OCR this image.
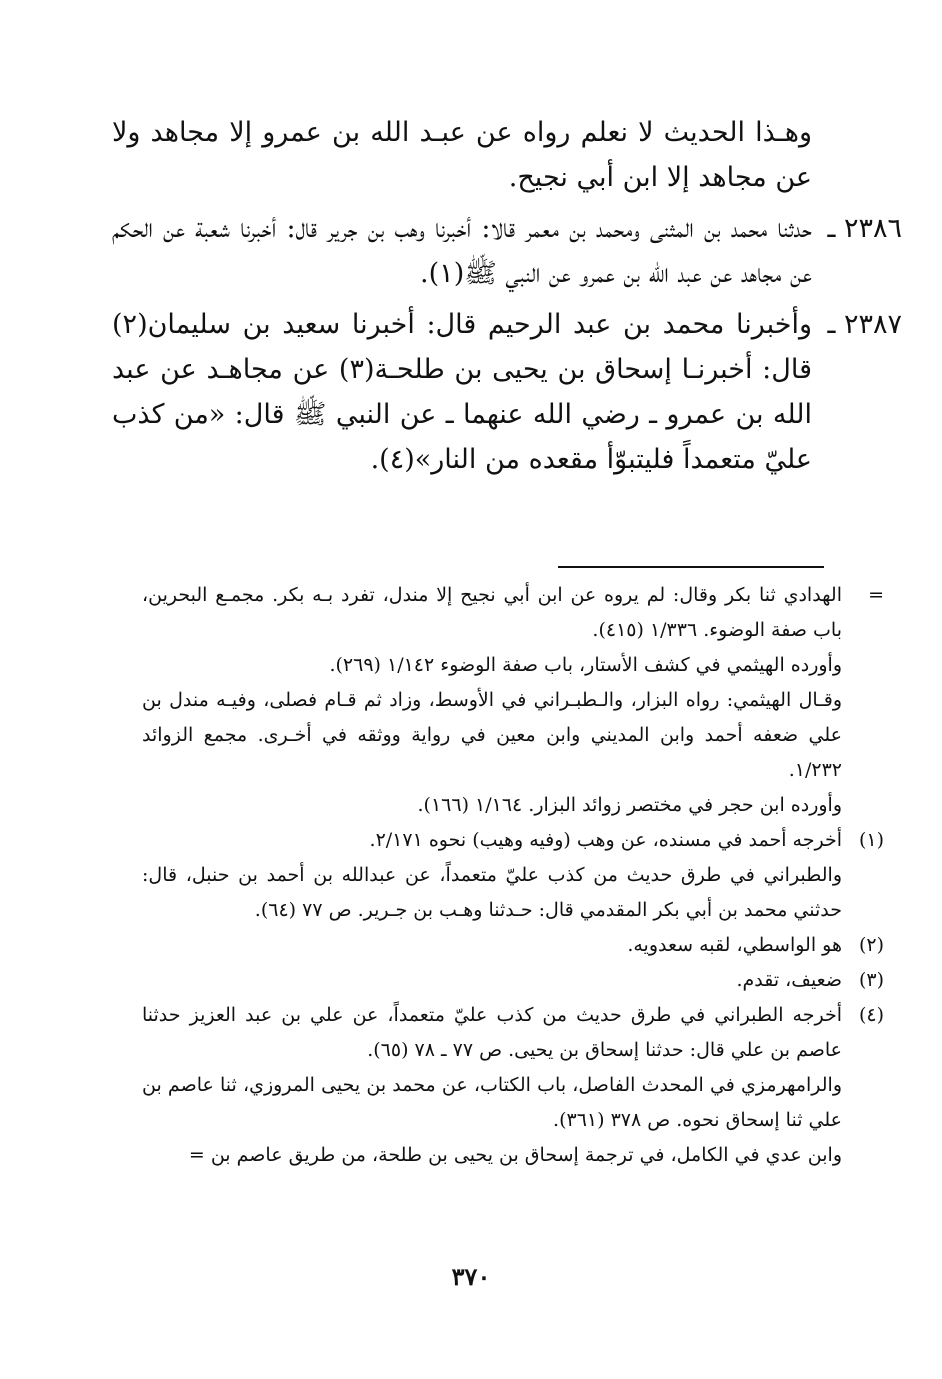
وهـذا الحديث لا نعلم رواه عن عبـد الله بن عمرو إلا مجاهد ولا عن مجاهد إلا ابن أبي نجيح.

٢٣٨٦ ـ
حدثنا محمد بن المثنى ومحمد بن معمر قالا: أخبرنا وهب بن جرير قال: أخبرنا شعبة عن الحكم عن مجاهد عن عبد الله بن عمرو عن النبي ﷺ(١).

٢٣٨٧ ـ
وأخبرنا محمد بن عبد الرحيم قال: أخبرنا سعيد بن سليمان(٢) قال: أخبرنـا إسحاق بن يحيى بن طلحـة(٣) عن مجاهـد عن عبد الله بن عمرو ـ رضي الله عنهما ـ عن النبي ﷺ قال: «من كذب عليّ متعمداً فليتبوّأ مقعده من النار»(٤).

=
الهدادي ثنا بكر وقال: لم يروه عن ابن أبي نجيح إلا مندل، تفرد بـه بكر. مجمـع البحرين، باب صفة الوضوء. ١/٣٣٦ (٤١٥).

وأورده الهيثمي في كشف الأستار، باب صفة الوضوء ١/١٤٢ (٢٦٩).

وقـال الهيثمي: رواه البزار، والـطبـراني في الأوسط، وزاد ثم قـام فصلى، وفيـه مندل بن علي ضعفه أحمد وابن المديني وابن معين في رواية ووثقه في أخـرى. مجمع الزوائد ١/٢٣٢.

وأورده ابن حجر في مختصر زوائد البزار. ١/١٦٤ (١٦٦).

(١)
أخرجه أحمد في مسنده، عن وهب (وفيه وهيب) نحوه ٢/١٧١.

والطبراني في طرق حديث من كذب عليّ متعمداً، عن عبدالله بن أحمد بن حنبل، قال: حدثني محمد بن أبي بكر المقدمي قال: حـدثنا وهـب بن جـرير. ص ٧٧ (٦٤).

(٢)
هو الواسطي، لقبه سعدويه.

(٣)
ضعيف، تقدم.

(٤)
أخرجه الطبراني في طرق حديث من كذب عليّ متعمداً، عن علي بن عبد العزيز حدثنا عاصم بن علي قال: حدثنا إسحاق بن يحيى. ص ٧٧ ـ ٧٨ (٦٥).

والرامهرمزي في المحدث الفاصل، باب الكتاب، عن محمد بن يحيى المروزي، ثنا عاصم بن علي ثنا إسحاق نحوه. ص ٣٧٨ (٣٦١).

وابن عدي في الكامل، في ترجمة إسحاق بن يحيى بن طلحة، من طريق عاصم بن =

٣٧٠
